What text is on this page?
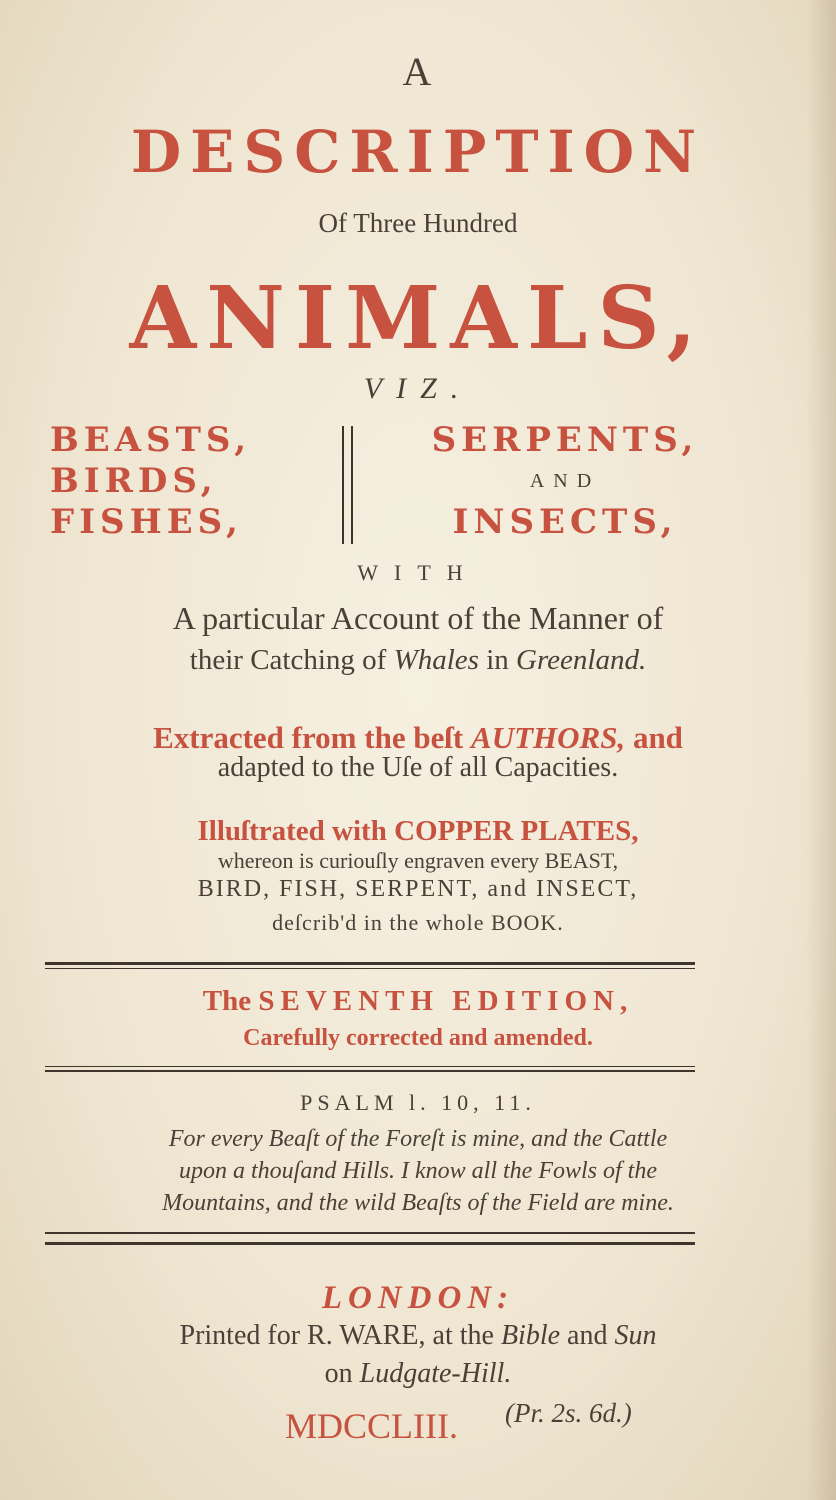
A
DESCRIPTION
Of Three Hundred
ANIMALS,
VIZ.
BEASTS,
BIRDS,
FISHES,
SERPENTS,
AND
INSECTS,
WITH
A particular Account of the Manner of
their Catching of Whales in Greenland.
Extracted from the beſt AUTHORS, and
adapted to the Uſe of all Capacities.
Illuſtrated with COPPER PLATES,
whereon is curiouſly engraven every BEAST,
BIRD, FISH, SERPENT, and INSECT,
deſcrib'd in the whole BOOK.
The SEVENTH EDITION,
Carefully corrected and amended.
PSALM l. 10, 11.
For every Beaſt of the Foreſt is mine, and the Cattle
upon a thouſand Hills. I know all the Fowls of the
Mountains, and the wild Beaſts of the Field are mine.
LONDON:
Printed for R. WARE, at the Bible and Sun
on Ludgate-Hill.
MDCCLIII. (Pr. 2s. 6d.)
